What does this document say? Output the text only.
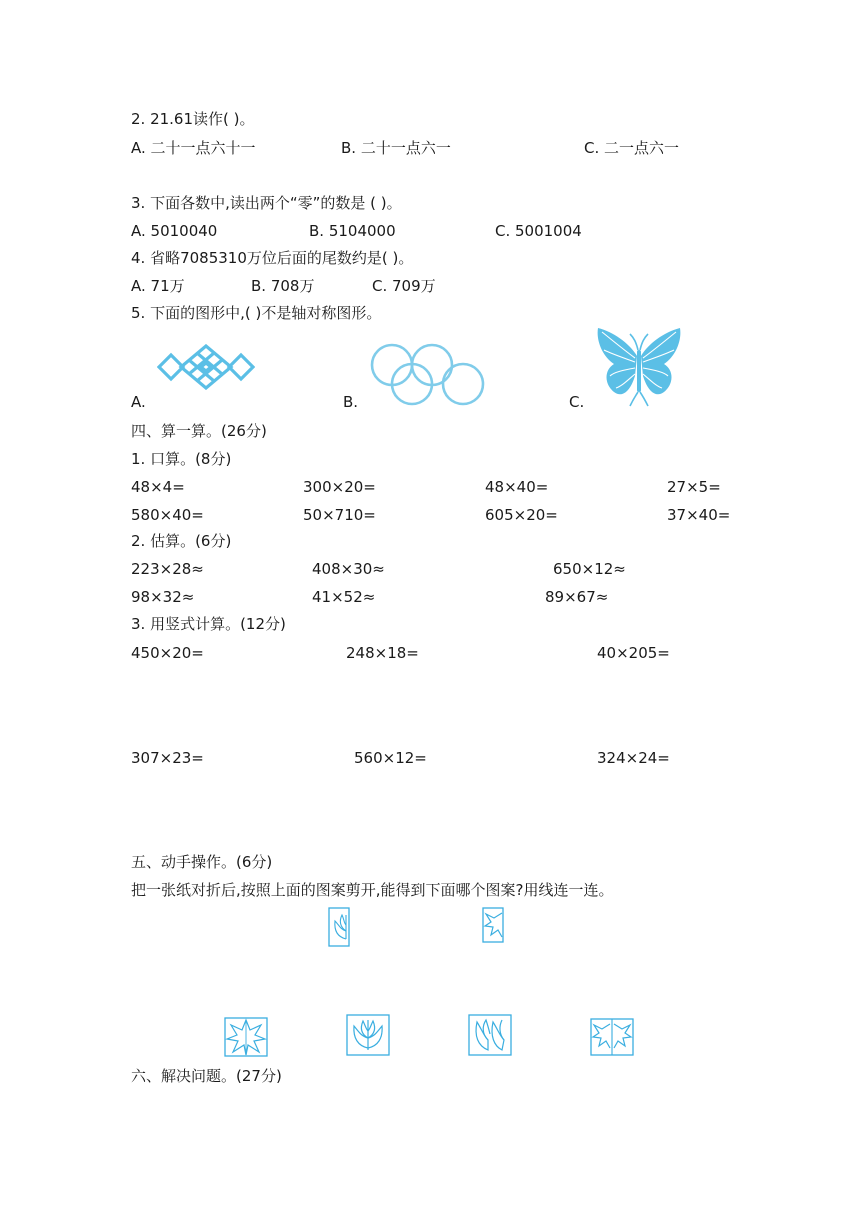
2. 21.61读作( )。
A. 二十一点六十一	B. 二十一点六一	C. 二一点六一
3. 下面各数中,读出两个“零”的数是 ( )。
A. 5010040	B. 5104000	C. 5001004
4. 省略7085310万位后面的尾数约是( )。
A. 71万	B. 708万	C. 709万
5. 下面的图形中,( )不是轴对称图形。
A.	B.	C.
四、算一算。(26分)
1. 口算。(8分)
48×4=	300×20=	48×40=	27×5=
580×40=	50×710=	605×20=	37×40=
2. 估算。(6分)
223×28≈	408×30≈	650×12≈
98×32≈	41×52≈	89×67≈
3. 用竖式计算。(12分)
450×20=	248×18=	40×205=
307×23=	560×12=	324×24=
五、动手操作。(6分)
把一张纸对折后,按照上面的图案剪开,能得到下面哪个图案?用线连一连。
六、解决问题。(27分)
